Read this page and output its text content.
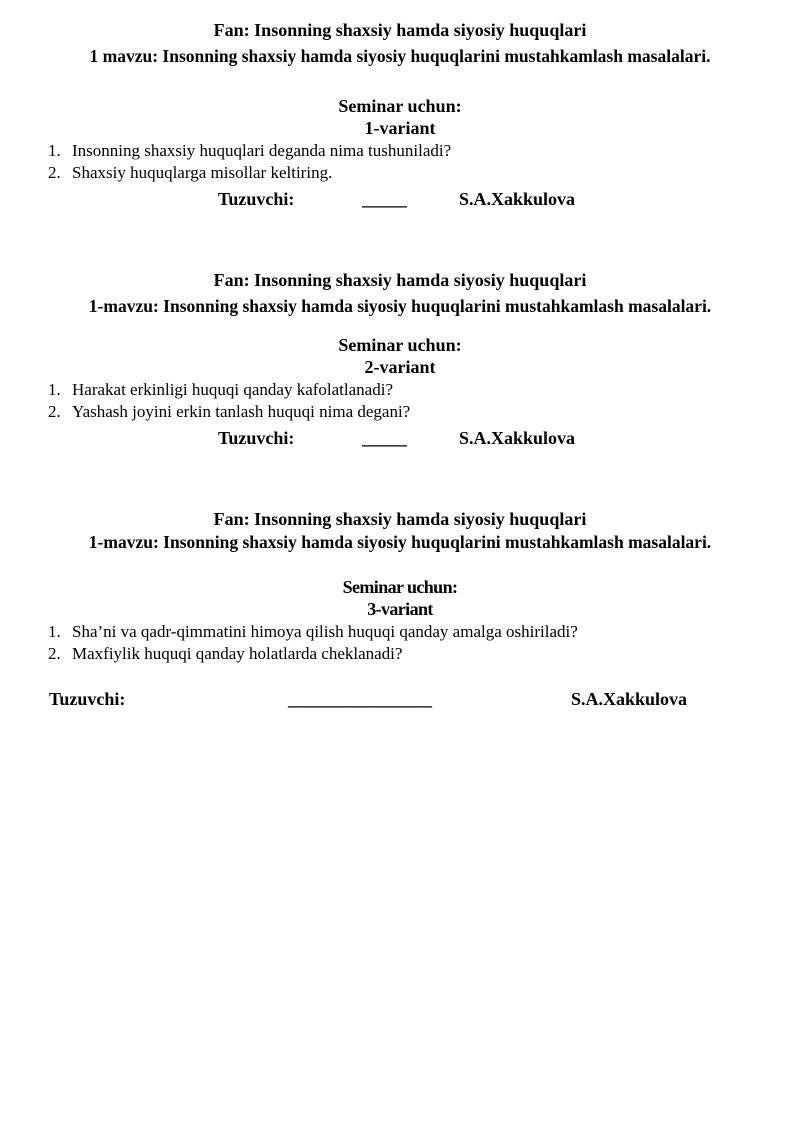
Fan: Insonning shaxsiy hamda siyosiy huquqlari
1 mavzu: Insonning shaxsiy hamda siyosiy huquqlarini mustahkamlash masalalari.
Seminar uchun:
1-variant
1. Insonning shaxsiy huquqlari deganda nima tushuniladi?
2. Shaxsiy huquqlarga misollar keltiring.
Tuzuvchi:	_____	S.A.Xakkulova
Fan: Insonning shaxsiy hamda siyosiy huquqlari
1-mavzu: Insonning shaxsiy hamda siyosiy huquqlarini mustahkamlash masalalari.
Seminar uchun:
2-variant
1. Harakat erkinligi huquqi qanday kafolatlanadi?
2. Yashash joyini erkin tanlash huquqi nima degani?
Tuzuvchi:	_____	S.A.Xakkulova
Fan: Insonning shaxsiy hamda siyosiy huquqlari
1-mavzu: Insonning shaxsiy hamda siyosiy huquqlarini mustahkamlash masalalari.
Seminar uchun:
3-variant
1. Sha’ni va qadr-qimmatini himoya qilish huquqi qanday amalga oshiriladi?
2. Maxfiylik huquqi qanday holatlarda cheklanadi?
Tuzuvchi:	________________	S.A.Xakkulova
